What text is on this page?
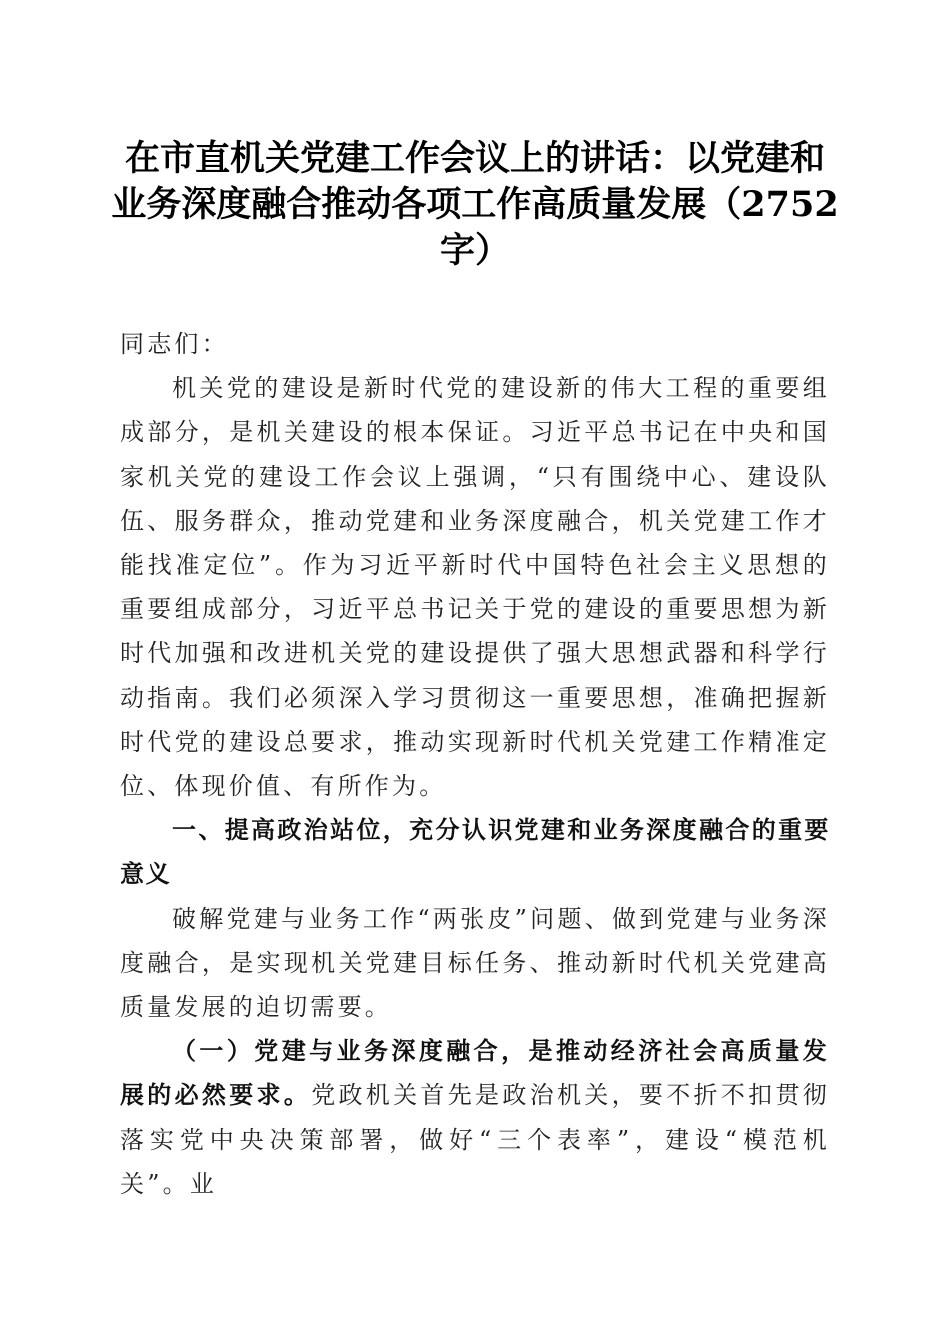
在市直机关党建工作会议上的讲话：以党建和业务深度融合推动各项工作高质量发展（2752字）

同志们：

机关党的建设是新时代党的建设新的伟大工程的重要组成部分，是机关建设的根本保证。习近平总书记在中央和国家机关党的建设工作会议上强调，“只有围绕中心、建设队伍、服务群众，推动党建和业务深度融合，机关党建工作才能找准定位”。作为习近平新时代中国特色社会主义思想的重要组成部分，习近平总书记关于党的建设的重要思想为新时代加强和改进机关党的建设提供了强大思想武器和科学行动指南。我们必须深入学习贯彻这一重要思想，准确把握新时代党的建设总要求，推动实现新时代机关党建工作精准定位、体现价值、有所作为。

一、提高政治站位，充分认识党建和业务深度融合的重要意义

破解党建与业务工作“两张皮”问题、做到党建与业务深度融合，是实现机关党建目标任务、推动新时代机关党建高质量发展的迫切需要。

（一）党建与业务深度融合，是推动经济社会高质量发展的必然要求。党政机关首先是政治机关，要不折不扣贯彻落实党中央决策部署，做好“三个表率”，建设“模范机关”。业
